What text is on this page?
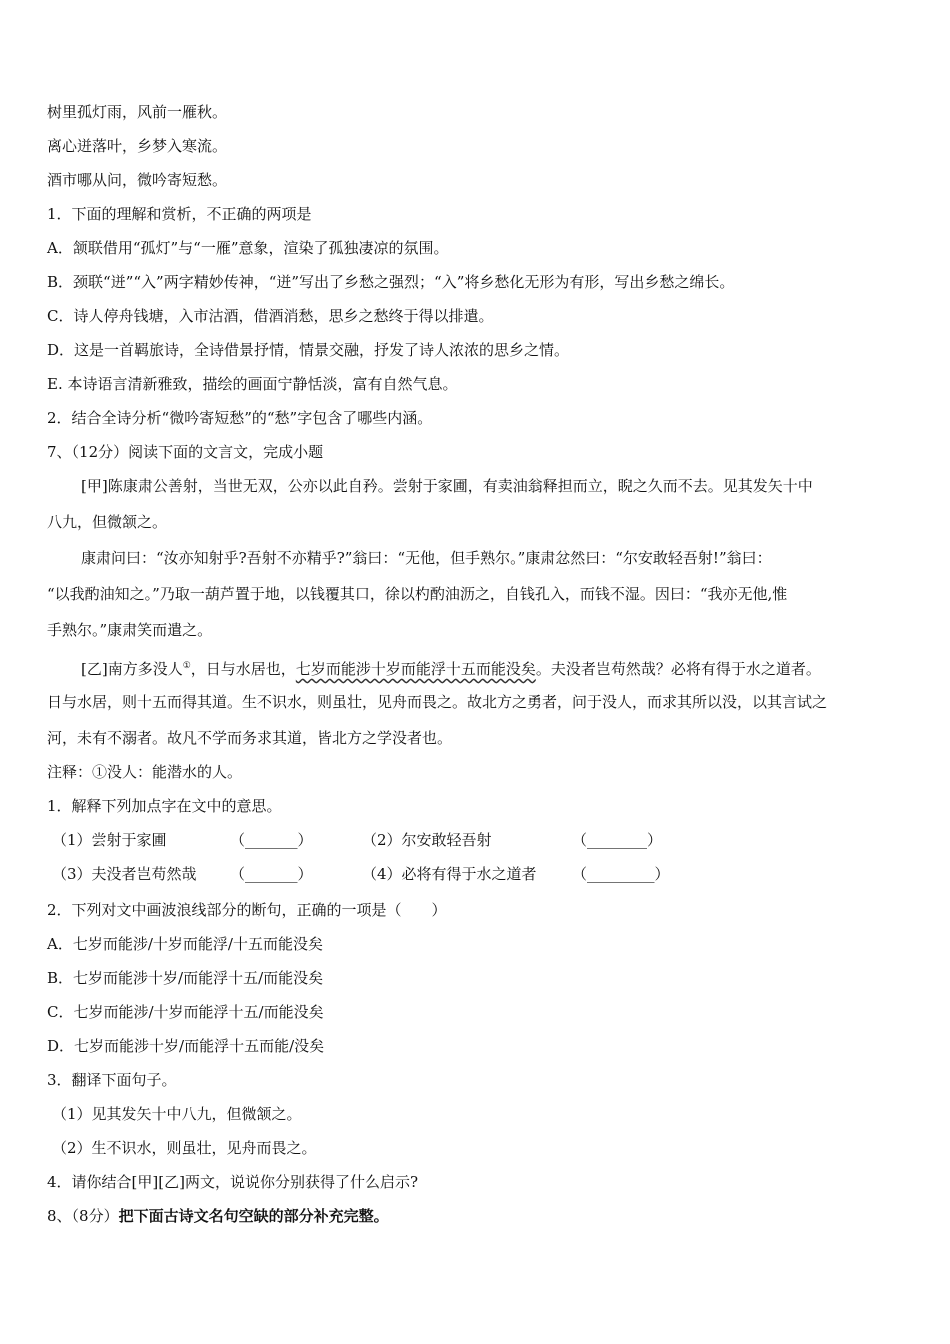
树里孤灯雨，风前一雁秋。
离心迸落叶，乡梦入寒流。
酒市哪从问，微吟寄短愁。
1．下面的理解和赏析，不正确的两项是
A．颔联借用“孤灯”与“一雁”意象，渲染了孤独凄凉的氛围。
B．颈联“迸”“入”两字精妙传神，“迸”写出了乡愁之强烈；“入”将乡愁化无形为有形，写出乡愁之绵长。
C．诗人停舟钱塘，入市沽酒，借酒消愁，思乡之愁终于得以排遣。
D．这是一首羁旅诗，全诗借景抒情，情景交融，抒发了诗人浓浓的思乡之情。
E. 本诗语言清新雅致，描绘的画面宁静恬淡，富有自然气息。
2．结合全诗分析“微吟寄短愁”的“愁”字包含了哪些内涵。
7、（12分）阅读下面的文言文，完成小题
[甲]陈康肃公善射，当世无双，公亦以此自矜。尝射于家圃，有卖油翁释担而立，睨之久而不去。见其发矢十中
八九，但微颔之。
康肃问曰：“汝亦知射乎?吾射不亦精乎?”翁曰：“无他，但手熟尔。”康肃忿然曰：“尔安敢轻吾射!”翁曰：
“以我酌油知之。”乃取一葫芦置于地，以钱覆其口，徐以杓酌油沥之，自钱孔入，而钱不湿。因曰：“我亦无他,惟
手熟尔。”康肃笑而遣之。
[乙]南方多没人①，日与水居也，七岁而能涉十岁而能浮十五而能没矣。夫没者岂苟然哉？必将有得于水之道者。
日与水居，则十五而得其道。生不识水，则虽壮，见舟而畏之。故北方之勇者，问于没人，而求其所以没，以其言试之
河，未有不溺者。故凡不学而务求其道，皆北方之学没者也。
注释：①没人：能潜水的人。
1．解释下列加点字在文中的意思。
（1）尝射于家圃	（_______）	（2）尔安敢轻吾射	（________）
（3）夫没者岂苟然哉 （_______）	（4）必将有得于水之道者 （_________）
2．下列对文中画波浪线部分的断句，正确的一项是（　　）
A．七岁而能涉/十岁而能浮/十五而能没矣
B．七岁而能涉十岁/而能浮十五/而能没矣
C．七岁而能涉/十岁而能浮十五/而能没矣
D．七岁而能涉十岁/而能浮十五而能/没矣
3．翻译下面句子。
（1）见其发矢十中八九，但微颔之。
（2）生不识水，则虽壮，见舟而畏之。
4．请你结合[甲][乙]两文，说说你分别获得了什么启示?
8、（8分）把下面古诗文名句空缺的部分补充完整。
